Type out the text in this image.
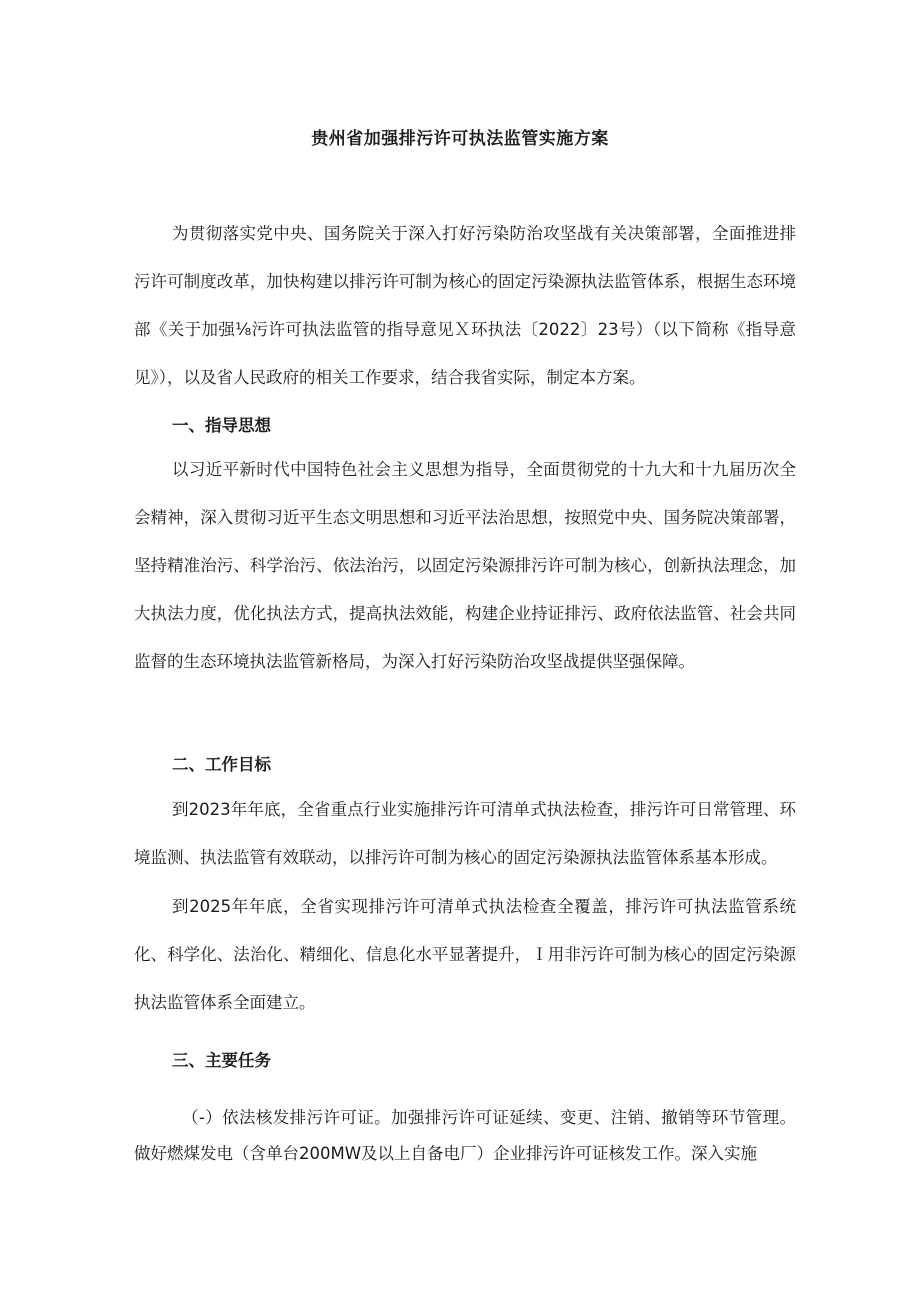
贵州省加强排污许可执法监管实施方案

为贯彻落实党中央、国务院关于深入打好污染防治攻坚战有关决策部署，全面推进排污许可制度改革，加快构建以排污许可制为核心的固定污染源执法监管体系，根据生态环境部《关于加强⅛污许可执法监管的指导意见Ｘ环执法〔2022〕23号）（以下简称《指导意见》），以及省人民政府的相关工作要求，结合我省实际，制定本方案。

一、指导思想

以习近平新时代中国特色社会主义思想为指导，全面贯彻党的十九大和十九届历次全会精神，深入贯彻习近平生态文明思想和习近平法治思想，按照党中央、国务院决策部署，坚持精准治污、科学治污、依法治污，以固定污染源排污许可制为核心，创新执法理念，加大执法力度，优化执法方式，提高执法效能，构建企业持证排污、政府依法监管、社会共同监督的生态环境执法监管新格局，为深入打好污染防治攻坚战提供坚强保障。

二、工作目标

到2023年年底，全省重点行业实施排污许可清单式执法检查，排污许可日常管理、环境监测、执法监管有效联动，以排污许可制为核心的固定污染源执法监管体系基本形成。

到2025年年底，全省实现排污许可清单式执法检查全覆盖，排污许可执法监管系统化、科学化、法治化、精细化、信息化水平显著提升，Ｉ用非污许可制为核心的固定污染源执法监管体系全面建立。

三、主要任务

（-）依法核发排污许可证。加强排污许可证延续、变更、注销、撤销等环节管理。做好燃煤发电（含单台200MW及以上自备电厂）企业排污许可证核发工作。深入实施
